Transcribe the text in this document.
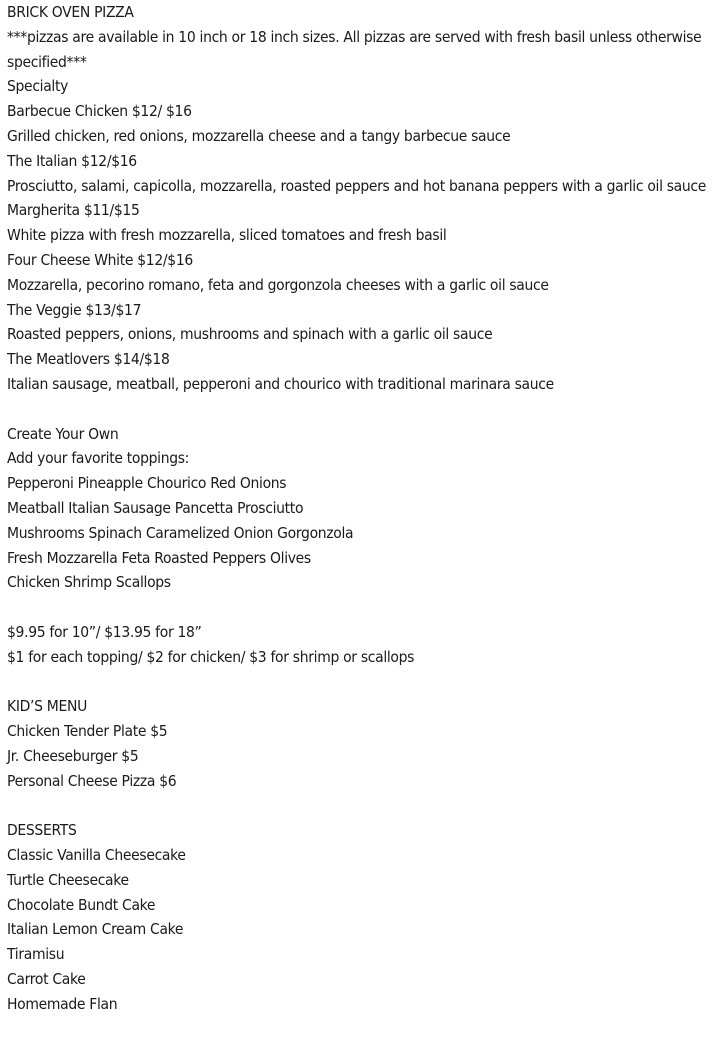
BRICK OVEN PIZZA
***pizzas are available in 10 inch or 18 inch sizes. All pizzas are served with fresh basil unless otherwise specified***
Specialty
Barbecue Chicken $12/ $16
Grilled chicken, red onions, mozzarella cheese and a tangy barbecue sauce
The Italian $12/$16
Prosciutto, salami, capicolla, mozzarella, roasted peppers and hot banana peppers with a garlic oil sauce
Margherita $11/$15
White pizza with fresh mozzarella, sliced tomatoes and fresh basil
Four Cheese White $12/$16
Mozzarella, pecorino romano, feta and gorgonzola cheeses with a garlic oil sauce
The Veggie $13/$17
Roasted peppers, onions, mushrooms and spinach with a garlic oil sauce
The Meatlovers $14/$18
Italian sausage, meatball, pepperoni and chourico with traditional marinara sauce
Create Your Own
Add your favorite toppings:
Pepperoni Pineapple Chourico Red Onions
Meatball Italian Sausage Pancetta Prosciutto
Mushrooms Spinach Caramelized Onion Gorgonzola
Fresh Mozzarella Feta Roasted Peppers Olives
Chicken Shrimp Scallops
$9.95 for 10”/ $13.95 for 18”
$1 for each topping/ $2 for chicken/ $3 for shrimp or scallops
KID’S MENU
Chicken Tender Plate $5
Jr. Cheeseburger $5
Personal Cheese Pizza $6
DESSERTS
Classic Vanilla Cheesecake
Turtle Cheesecake
Chocolate Bundt Cake
Italian Lemon Cream Cake
Tiramisu
Carrot Cake
Homemade Flan
